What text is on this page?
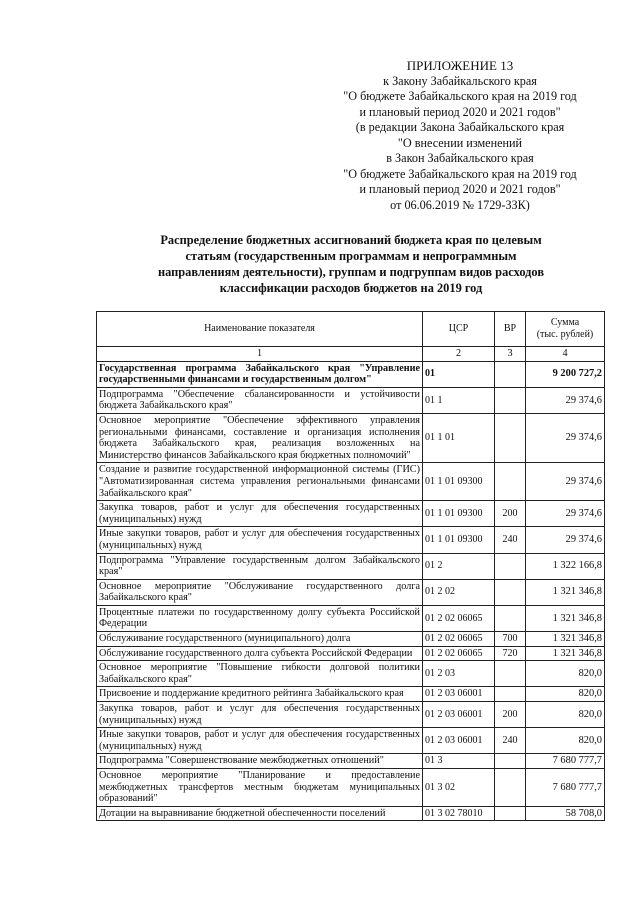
ПРИЛОЖЕНИЕ 13
к Закону Забайкальского края
"О бюджете Забайкальского края на 2019 год
и плановый период 2020 и 2021 годов"
(в редакции Закона Забайкальского края
"О внесении изменений
в Закон Забайкальского края
"О бюджете Забайкальского края на 2019 год
и плановый период 2020 и 2021 годов"
от 06.06.2019 № 1729-ЗЗК)
Распределение бюджетных ассигнований бюджета края по целевым
статьям (государственным программам и непрограммным
направлениям деятельности), группам и подгруппам видов расходов
классификации расходов бюджетов на 2019 год
Наименование показателя	ЦСР	ВР	Сумма
(тыс. рублей)

1	2	3	4
Государственная программа Забайкальского края "Управление государственными финансами и государственным долгом"	01		9 200 727,2
Подпрограмма "Обеспечение сбалансированности и устойчивости бюджета Забайкальского края"	01 1		29 374,6
Основное мероприятие "Обеспечение эффективного управления региональными финансами, составление и организация исполнения бюджета Забайкальского края, реализация возложенных на Министерство финансов Забайкальского края бюджетных полномочий"	01 1 01		29 374,6
Создание и развитие государственной информационной системы (ГИС) "Автоматизированная система управления региональными финансами Забайкальского края"	01 1 01 09300		29 374,6
Закупка товаров, работ и услуг для обеспечения государственных (муниципальных) нужд	01 1 01 09300	200	29 374,6
Иные закупки товаров, работ и услуг для обеспечения государственных (муниципальных) нужд	01 1 01 09300	240	29 374,6
Подпрограмма "Управление государственным долгом Забайкальского края"	01 2		1 322 166,8
Основное мероприятие "Обслуживание государственного долга Забайкальского края"	01 2 02		1 321 346,8
Процентные платежи по государственному долгу субъекта Российской Федерации	01 2 02 06065		1 321 346,8
Обслуживание государственного (муниципального) долга	01 2 02 06065	700	1 321 346,8
Обслуживание государственного долга субъекта Российской Федерации	01 2 02 06065	720	1 321 346,8
Основное мероприятие "Повышение гибкости долговой политики Забайкальского края"	01 2 03		820,0
Присвоение и поддержание кредитного рейтинга Забайкальского края	01 2 03 06001		820,0
Закупка товаров, работ и услуг для обеспечения государственных (муниципальных) нужд	01 2 03 06001	200	820,0
Иные закупки товаров, работ и услуг для обеспечения государственных (муниципальных) нужд	01 2 03 06001	240	820,0
Подпрограмма "Совершенствование межбюджетных отношений"	01 3		7 680 777,7
Основное мероприятие "Планирование и предоставление межбюджетных трансфертов местным бюджетам муниципальных образований"	01 3 02		7 680 777,7
Дотации на выравнивание бюджетной обеспеченности поселений	01 3 02 78010		58 708,0
